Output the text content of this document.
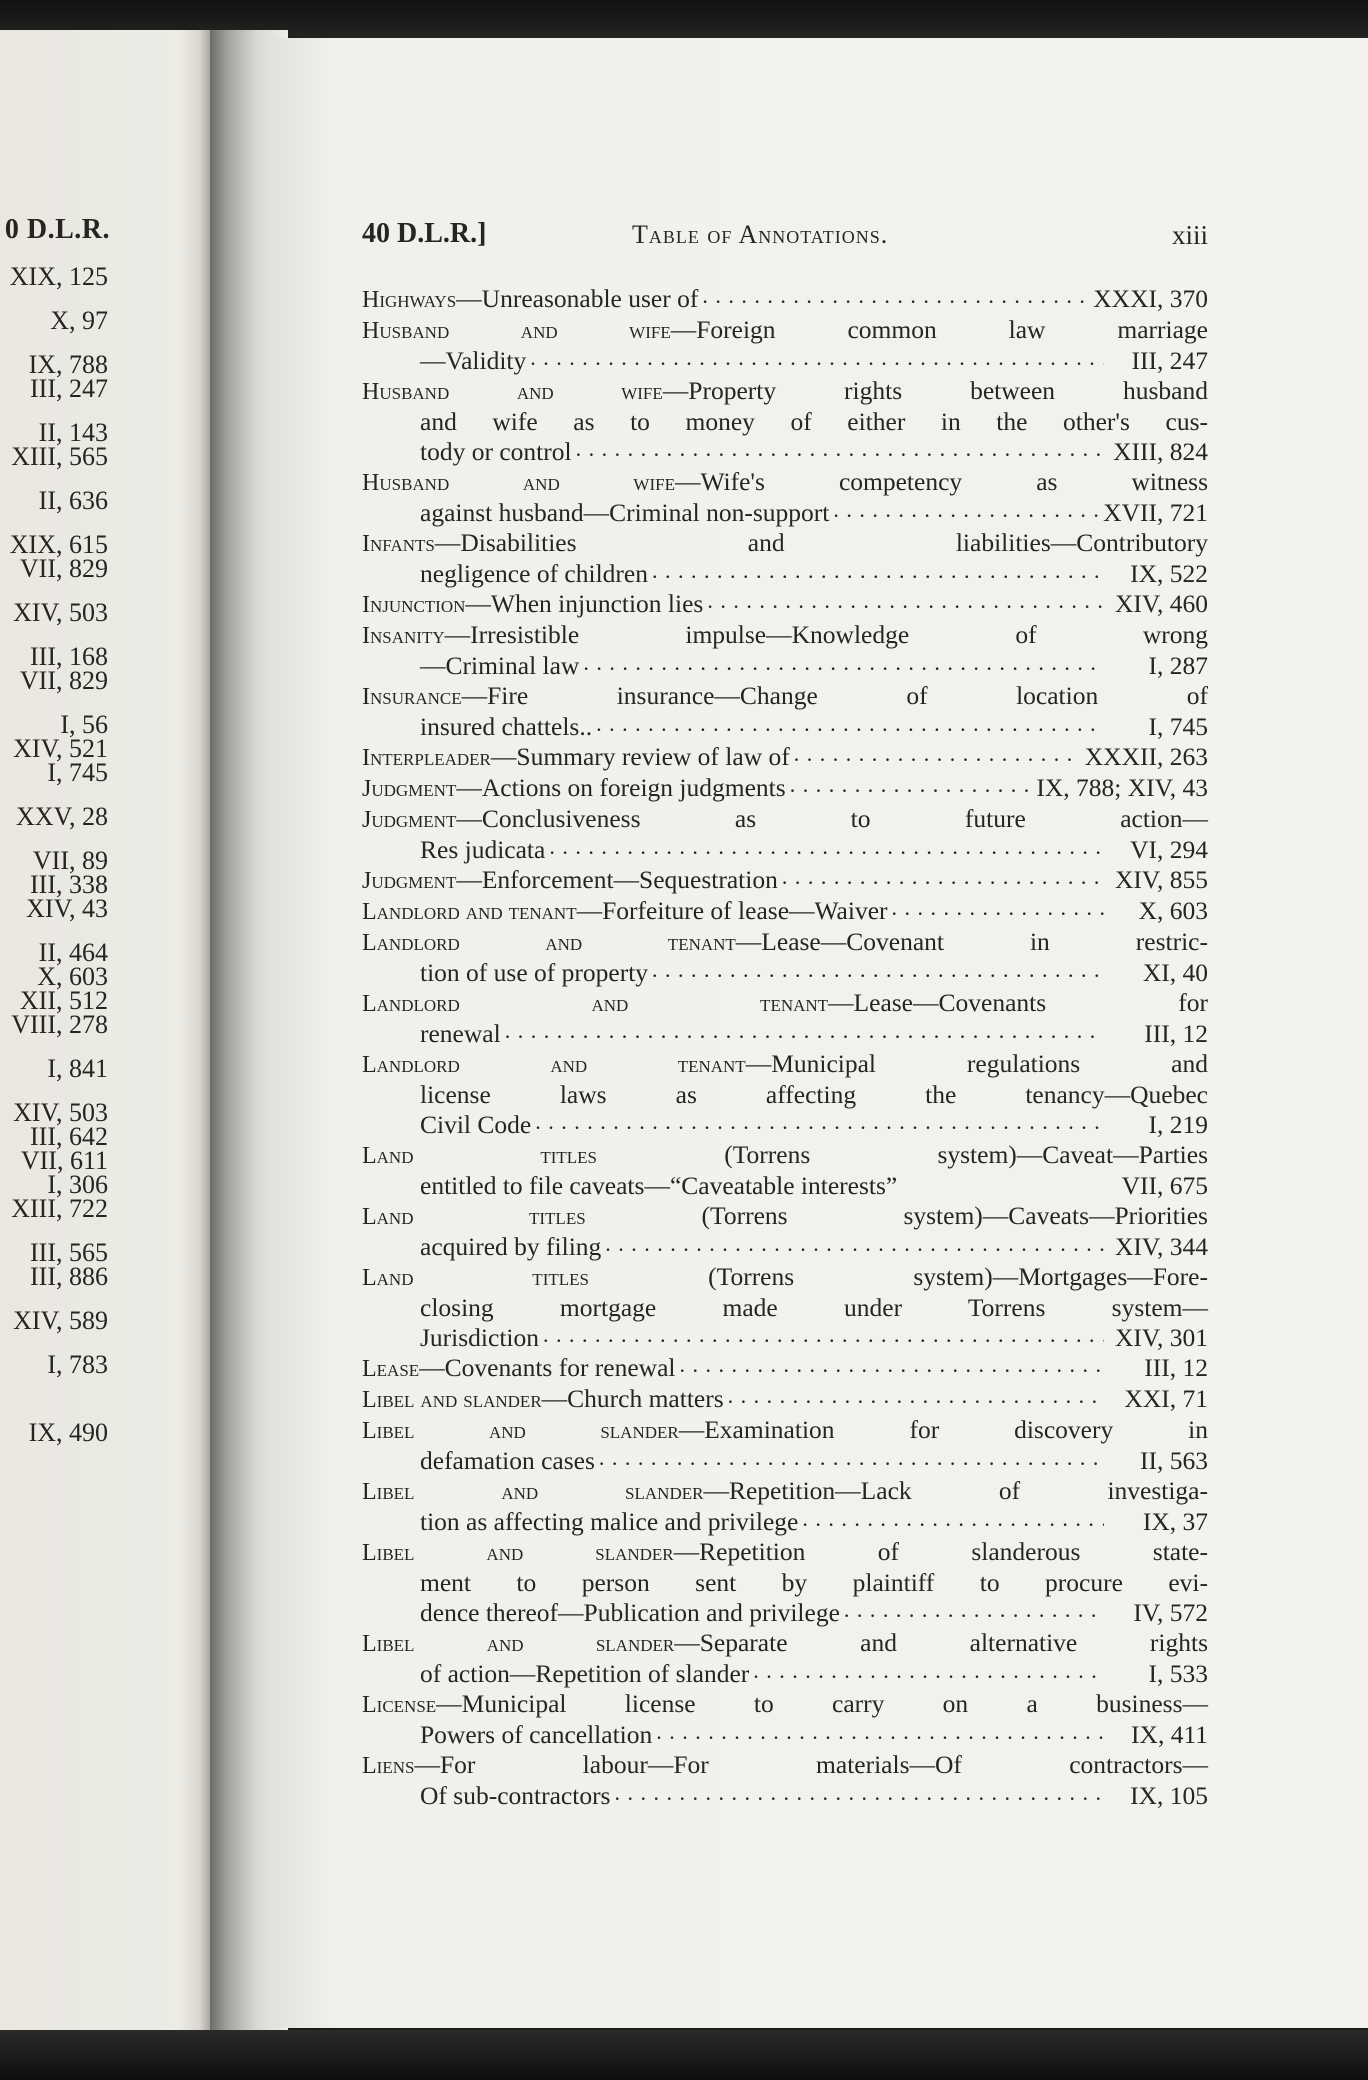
0 D.L.R.
XIX, 125
X, 97
IX, 788
III, 247
II, 143
XIII, 565
II, 636
XIX, 615
VII, 829
XIV, 503
III, 168
VII, 829
I, 56
XIV, 521
I, 745
XXV, 28
VII, 89
III, 338
XIV, 43
II, 464
X, 603
XII, 512
VIII, 278
I, 841
XIV, 503
III, 642
VII, 611
I, 306
XIII, 722
III, 565
III, 886
XIV, 589
I, 783
IX, 490
40 D.L.R.]	Table of Annotations.	xiii
Highways—Unreasonable user of . . .	XXXI, 370
Husband and wife—Foreign common law marriage
—Validity . . .	III, 247
Husband and wife—Property rights between husband
and wife as to money of either in the other's cus-
tody or control . . .	XIII, 824
Husband and wife—Wife's competency as witness
against husband—Criminal non-support . . .	XVII, 721
Infants—Disabilities and liabilities—Contributory
negligence of children . . .	IX, 522
Injunction—When injunction lies . . .	XIV, 460
Insanity—Irresistible impulse—Knowledge of wrong
—Criminal law . . .	I, 287
Insurance—Fire insurance—Change of location of
insured chattels.. . . .	I, 745
Interpleader—Summary review of law of . . .	XXXII, 263
Judgment—Actions on foreign judgments . . .	IX, 788; XIV, 43
Judgment—Conclusiveness as to future action—
Res judicata . . .	VI, 294
Judgment—Enforcement—Sequestration . . .	XIV, 855
Landlord and tenant—Forfeiture of lease—Waiver . . .	X, 603
Landlord and tenant—Lease—Covenant in restric-
tion of use of property . . .	XI, 40
Landlord and tenant—Lease—Covenants for
renewal . . .	III, 12
Landlord and tenant—Municipal regulations and
license laws as affecting the tenancy—Quebec
Civil Code . . .	I, 219
Land titles (Torrens system)—Caveat—Parties
entitled to file caveats—“Caveatable interests”	VII, 675
Land titles (Torrens system)—Caveats—Priorities
acquired by filing . . .	XIV, 344
Land titles (Torrens system)—Mortgages—Fore-
closing mortgage made under Torrens system—
Jurisdiction . . .	XIV, 301
Lease—Covenants for renewal . . .	III, 12
Libel and slander—Church matters . . .	XXI, 71
Libel and slander—Examination for discovery in
defamation cases . . .	II, 563
Libel and slander—Repetition—Lack of investiga-
tion as affecting malice and privilege . . .	IX, 37
Libel and slander—Repetition of slanderous state-
ment to person sent by plaintiff to procure evi-
dence thereof—Publication and privilege . . .	IV, 572
Libel and slander—Separate and alternative rights
of action—Repetition of slander . . .	I, 533
License—Municipal license to carry on a business—
Powers of cancellation . . .	IX, 411
Liens—For labour—For materials—Of contractors—
Of sub-contractors . . .	IX, 105
